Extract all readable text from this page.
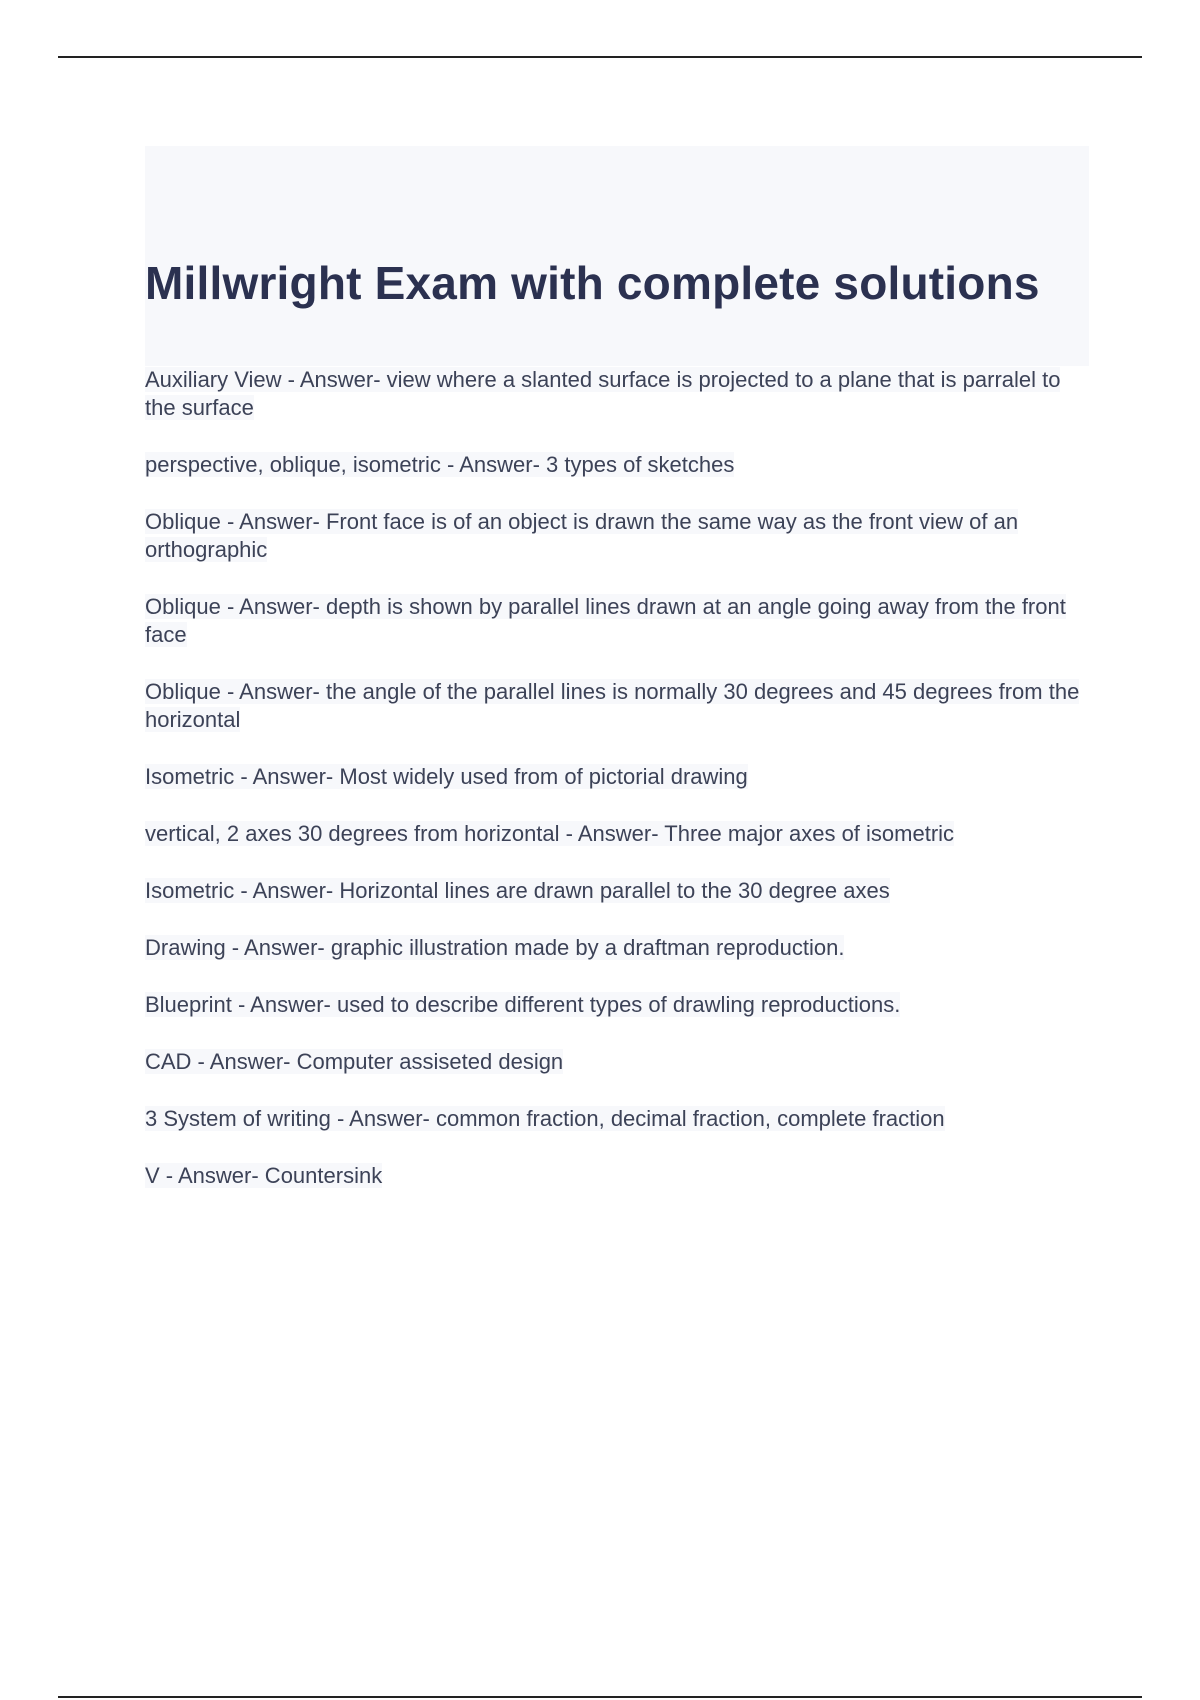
Millwright Exam with complete solutions

Auxiliary View - Answer- view where a slanted surface is projected to a plane that is parralel to the surface

perspective, oblique, isometric - Answer- 3 types of sketches

Oblique - Answer- Front face is of an object is drawn the same way as the front view of an orthographic

Oblique - Answer- depth is shown by parallel lines drawn at an angle going away from the front face

Oblique - Answer- the angle of the parallel lines is normally 30 degrees and 45 degrees from the horizontal

Isometric - Answer- Most widely used from of pictorial drawing

vertical, 2 axes 30 degrees from horizontal - Answer- Three major axes of isometric

Isometric - Answer- Horizontal lines are drawn parallel to the 30 degree axes

Drawing - Answer- graphic illustration made by a draftman reproduction.

Blueprint - Answer- used to describe different types of drawling reproductions.

CAD - Answer- Computer assiseted design

3 System of writing - Answer- common fraction, decimal fraction, complete fraction

V - Answer- Countersink
